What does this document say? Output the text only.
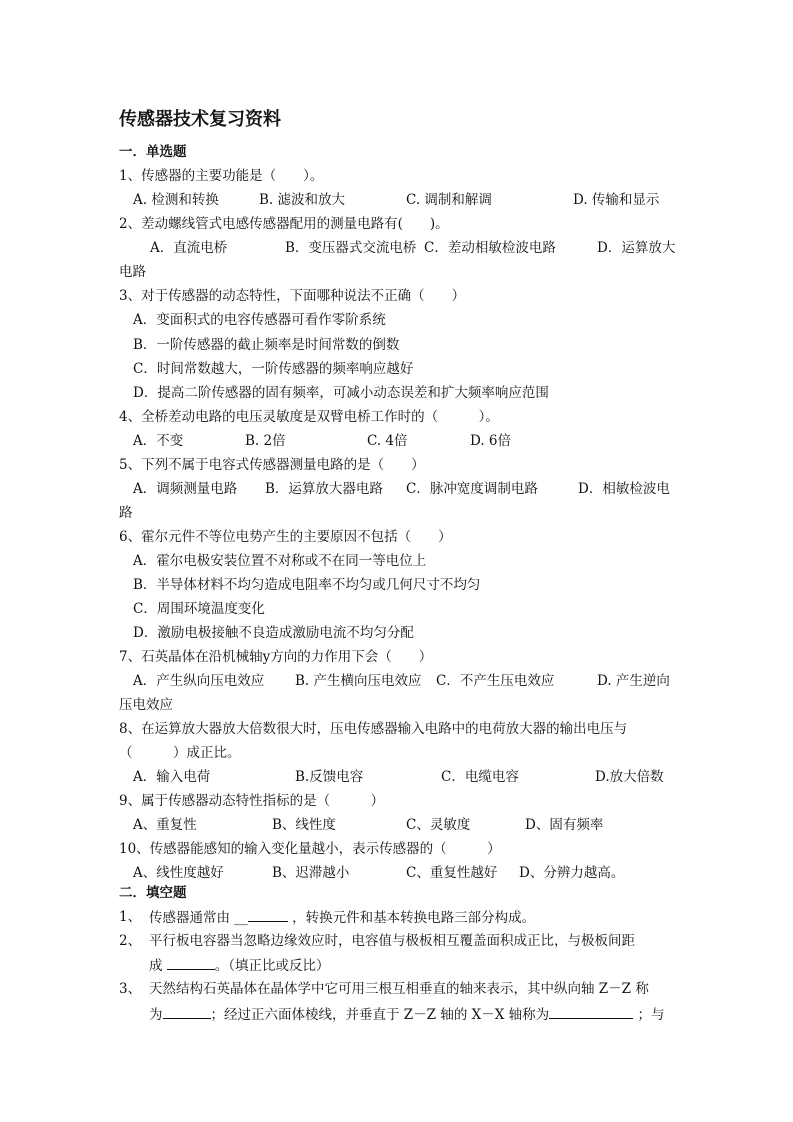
传感器技术复习资料
一．单选题
1、传感器的主要功能是（　　）。
A. 检测和转换	B. 滤波和放大	C. 调制和解调	D. 传输和显示
2、差动螺线管式电感传感器配用的测量电路有(　　)。
A．直流电桥	B．变压器式交流电桥 C．差动相敏检波电路	D．运算放大
电路
3、对于传感器的动态特性，下面哪种说法不正确（　　）
A．变面积式的电容传感器可看作零阶系统
B．一阶传感器的截止频率是时间常数的倒数
C．时间常数越大，一阶传感器的频率响应越好
D．提高二阶传感器的固有频率，可减小动态误差和扩大频率响应范围
4、全桥差动电路的电压灵敏度是双臂电桥工作时的（　　　）。
A．不变	B. 2倍	C. 4倍	D. 6倍
5、下列不属于电容式传感器测量电路的是（　　）
A．调频测量电路 B．运算放大器电路 C．脉冲宽度调制电路	D．相敏检波电
路
6、霍尔元件不等位电势产生的主要原因不包括（　　）
A．霍尔电极安装位置不对称或不在同一等电位上
B．半导体材料不均匀造成电阻率不均匀或几何尺寸不均匀
C．周围环境温度变化
D．激励电极接触不良造成激励电流不均匀分配
7、石英晶体在沿机械轴y方向的力作用下会（　　）
A．产生纵向压电效应 B. 产生横向压电效应 C．不产生压电效应	D. 产生逆向
压电效应
8、在运算放大器放大倍数很大时，压电传感器输入电路中的电荷放大器的输出电压与
（　　　）成正比。
A．输入电荷	B.反馈电容	C．电缆电容	D.放大倍数
9、属于传感器动态特性指标的是（　　　）
A、重复性	B、线性度	C、灵敏度	D、固有频率
10、传感器能感知的输入变化量越小，表示传感器的（　　　）
A、线性度越好	B、迟滞越小	C、重复性越好 D、分辨力越高。
二．填空题
1、 传感器通常由 __	，转换元件和基本转换电路三部分构成。
2、 平行板电容器当忽略边缘效应时，电容值与极板相互覆盖面积成正比，与极板间距
成	。（填正比或反比）
3、 天然结构石英晶体在晶体学中它可用三根互相垂直的轴来表示，其中纵向轴 Z－Z 称
为	；经过正六面体棱线，并垂直于 Z－Z 轴的 X－X 轴称为	；与
